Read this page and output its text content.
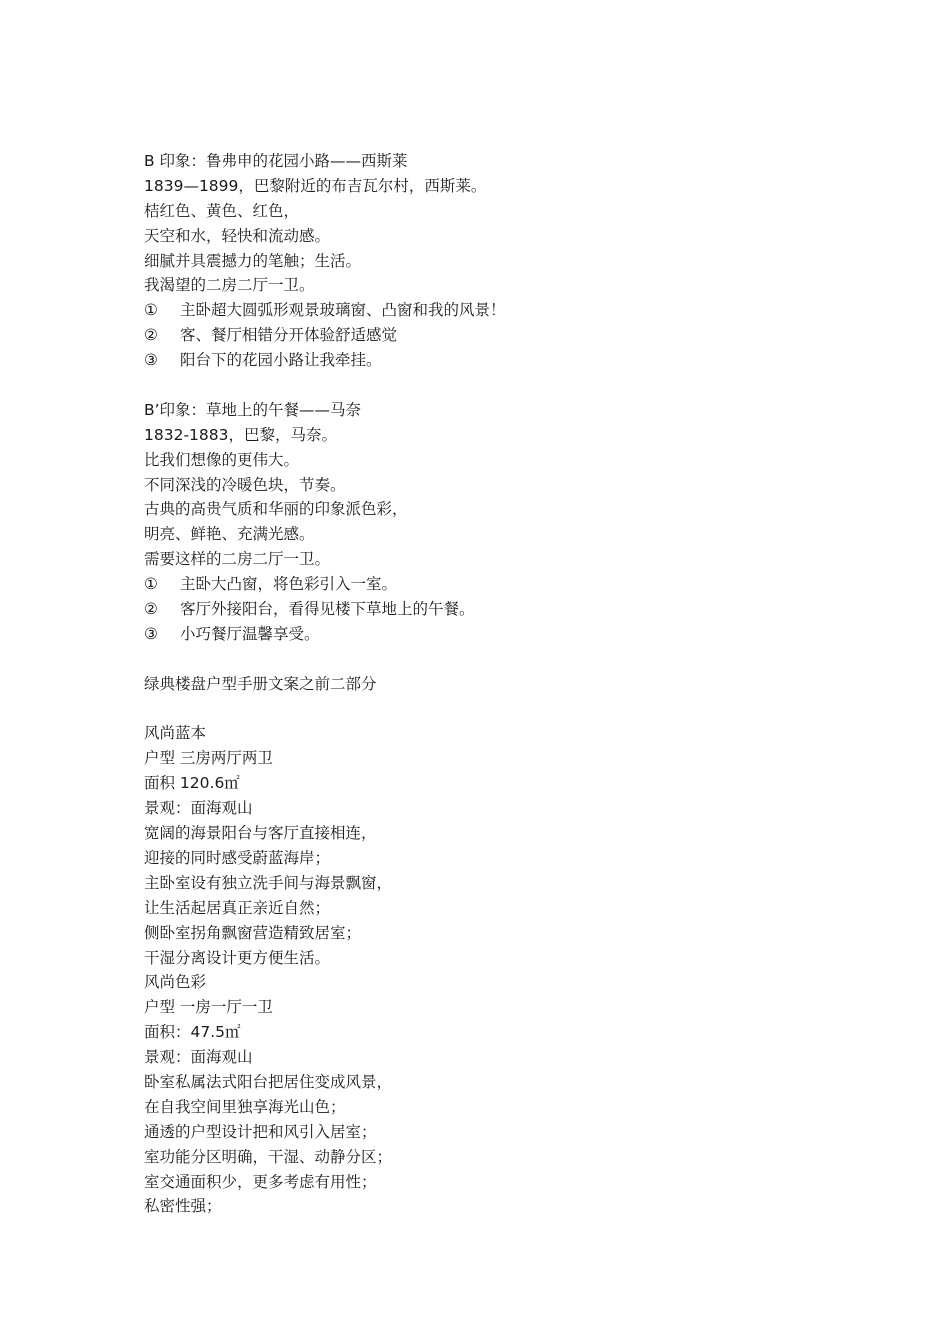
B 印象：鲁弗申的花园小路——西斯莱
1839—1899，巴黎附近的布吉瓦尔村，西斯莱。
桔红色、黄色、红色，
天空和水，轻快和流动感。
细腻并具震撼力的笔触；生活。
我渴望的二房二厅一卫。
①	主卧超大圆弧形观景玻璃窗、凸窗和我的风景！
②	客、餐厅相错分开体验舒适感觉
③	阳台下的花园小路让我牵挂。
B’印象：草地上的午餐——马奈
1832-1883，巴黎，马奈。
比我们想像的更伟大。
不同深浅的冷暖色块，节奏。
古典的高贵气质和华丽的印象派色彩，
明亮、鲜艳、充满光感。
需要这样的二房二厅一卫。
①	主卧大凸窗，将色彩引入一室。
②	客厅外接阳台，看得见楼下草地上的午餐。
③	小巧餐厅温馨享受。
绿典楼盘户型手册文案之前二部分
风尚蓝本
户型 三房两厅两卫
面积 120.6㎡
景观：面海观山
宽阔的海景阳台与客厅直接相连，
迎接的同时感受蔚蓝海岸；
主卧室设有独立洗手间与海景飘窗，
让生活起居真正亲近自然；
侧卧室拐角飘窗营造精致居室；
干湿分离设计更方便生活。
风尚色彩
户型 一房一厅一卫
面积：47.5㎡
景观：面海观山
卧室私属法式阳台把居住变成风景，
在自我空间里独享海光山色；
通透的户型设计把和风引入居室；
室功能分区明确，干湿、动静分区；
室交通面积少，更多考虑有用性；
私密性强；
